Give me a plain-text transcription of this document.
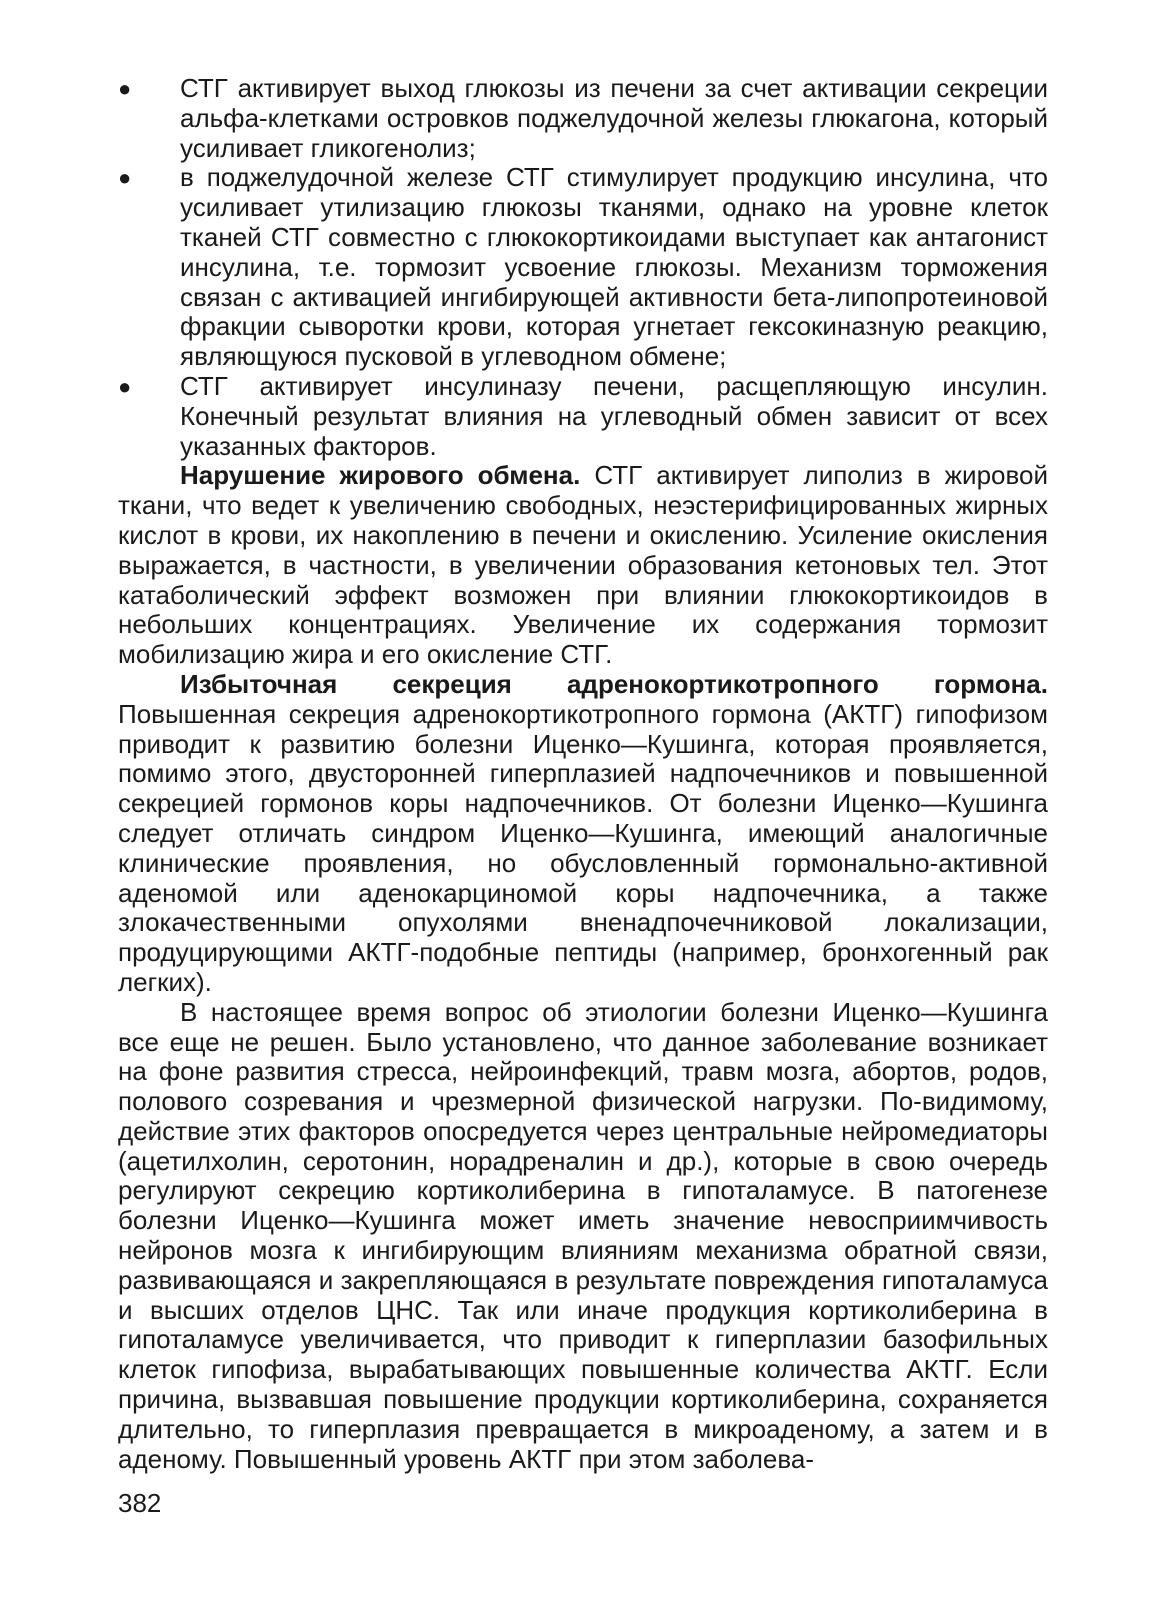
● СТГ активирует выход глюкозы из печени за счет активации секреции альфа-клетками островков поджелудочной железы глюкагона, который усиливает гликогенолиз;
● в поджелудочной железе СТГ стимулирует продукцию инсулина, что усиливает утилизацию глюкозы тканями, однако на уровне клеток тканей СТГ совместно с глюкокортикоидами выступает как антагонист инсулина, т.е. тормозит усвоение глюкозы. Механизм торможения связан с активацией ингибирующей активности бета-липопротеиновой фракции сыворотки крови, которая угнетает гексокиназную реакцию, являющуюся пусковой в углеводном обмене;
● СТГ активирует инсулиназу печени, расщепляющую инсулин. Конечный результат влияния на углеводный обмен зависит от всех указанных факторов.

Нарушение жирового обмена. СТГ активирует липолиз в жировой ткани, что ведет к увеличению свободных, неэстерифицированных жирных кислот в крови, их накоплению в печени и окислению. Усиление окисления выражается, в частности, в увеличении образования кетоновых тел. Этот катаболический эффект возможен при влиянии глюкокортикоидов в небольших концентрациях. Увеличение их содержания тормозит мобилизацию жира и его окисление СТГ.

Избыточная секреция адренокортикотропного гормона. Повышенная секреция адренокортикотропного гормона (АКТГ) гипофизом приводит к развитию болезни Иценко—Кушинга, которая проявляется, помимо этого, двусторонней гиперплазией надпочечников и повышенной секрецией гормонов коры надпочечников. От болезни Иценко—Кушинга следует отличать синдром Иценко—Кушинга, имеющий аналогичные клинические проявления, но обусловленный гормонально-активной аденомой или аденокарциномой коры надпочечника, а также злокачественными опухолями вненадпочечниковой локализации, продуцирующими АКТГ-подобные пептиды (например, бронхогенный рак легких).

В настоящее время вопрос об этиологии болезни Иценко—Кушинга все еще не решен. Было установлено, что данное заболевание возникает на фоне развития стресса, нейроинфекций, травм мозга, абортов, родов, полового созревания и чрезмерной физической нагрузки. По-видимому, действие этих факторов опосредуется через центральные нейромедиаторы (ацетилхолин, серотонин, норадреналин и др.), которые в свою очередь регулируют секрецию кортиколиберина в гипоталамусе. В патогенезе болезни Иценко—Кушинга может иметь значение невосприимчивость нейронов мозга к ингибирующим влияниям механизма обратной связи, развивающаяся и закрепляющаяся в результате повреждения гипоталамуса и высших отделов ЦНС. Так или иначе продукция кортиколиберина в гипоталамусе увеличивается, что приводит к гиперплазии базофильных клеток гипофиза, вырабатывающих повышенные количества АКТГ. Если причина, вызвавшая повышение продукции кортиколиберина, сохраняется длительно, то гиперплазия превращается в микроаденому, а затем и в аденому. Повышенный уровень АКТГ при этом заболева-

382
